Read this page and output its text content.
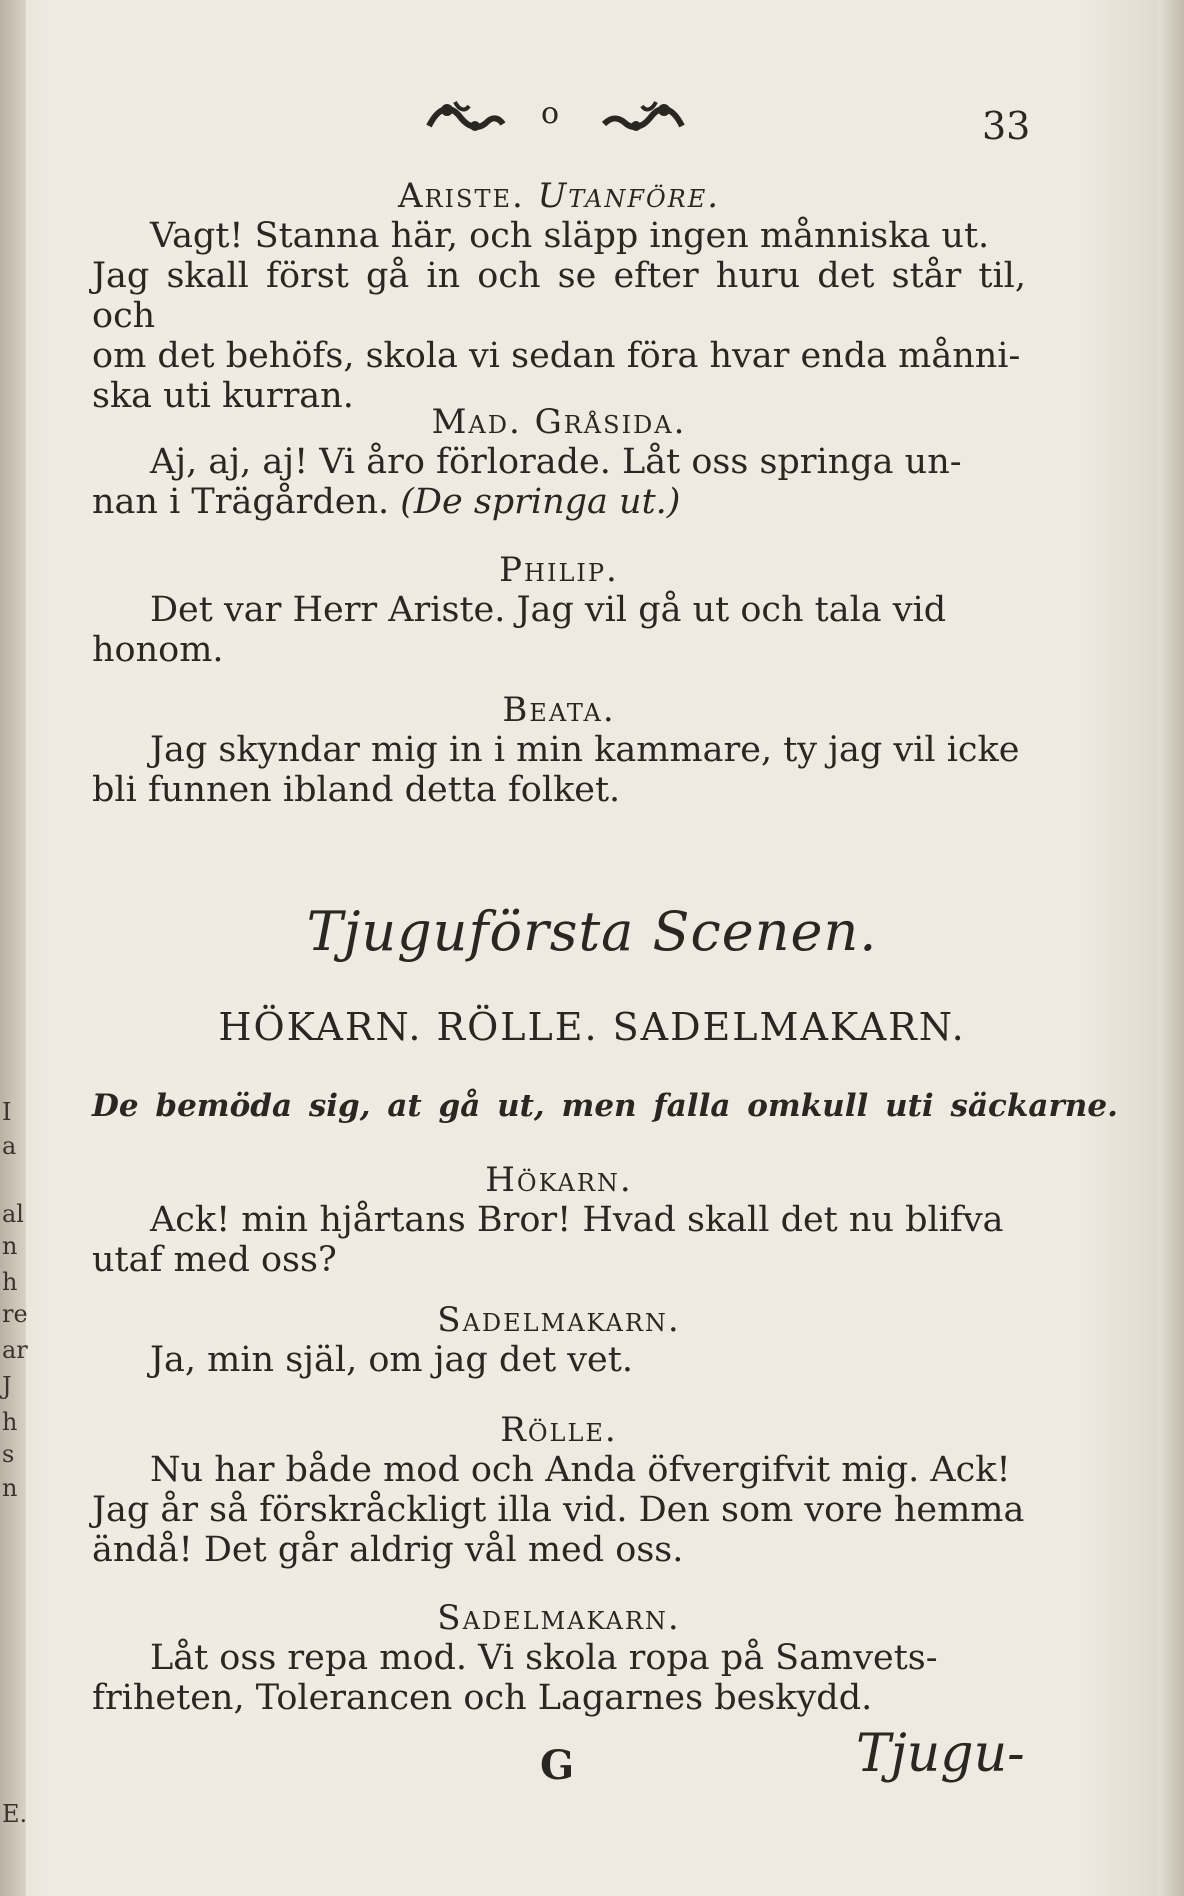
I
a
al
n
h
re
ar
J
h
s
n
E.
o	33

Ariste. Utanföre.

Vagt! Stanna här, och släpp ingen månniska ut.
Jag skall först gå in och se efter huru det står til, och
om det behöfs, skola vi sedan föra hvar enda månni-
ska uti kurran.

Mad. Gråsida.

Aj, aj, aj! Vi åro förlorade. Låt oss springa un-
nan i Trägården. (De springa ut.)

Philip.

Det var Herr Ariste. Jag vil gå ut och tala vid
honom.

Beata.

Jag skyndar mig in i min kammare, ty jag vil icke
bli funnen ibland detta folket.

Tjuguförsta Scenen.
HÖKARN. RÖLLE. SADELMAKARN.
De bemöda sig, at gå ut, men falla omkull uti säckarne.

Hökarn.

Ack! min hjårtans Bror! Hvad skall det nu blifva
utaf med oss?

Sadelmakarn.

Ja, min själ, om jag det vet.

Rölle.

Nu har både mod och Anda öfvergifvit mig. Ack!
Jag år så förskråckligt illa vid. Den som vore hemma
ändå! Det går aldrig vål med oss.

Sadelmakarn.

Låt oss repa mod. Vi skola ropa på Samvets-
friheten, Tolerancen och Lagarnes beskydd.

G	Tjugu-
